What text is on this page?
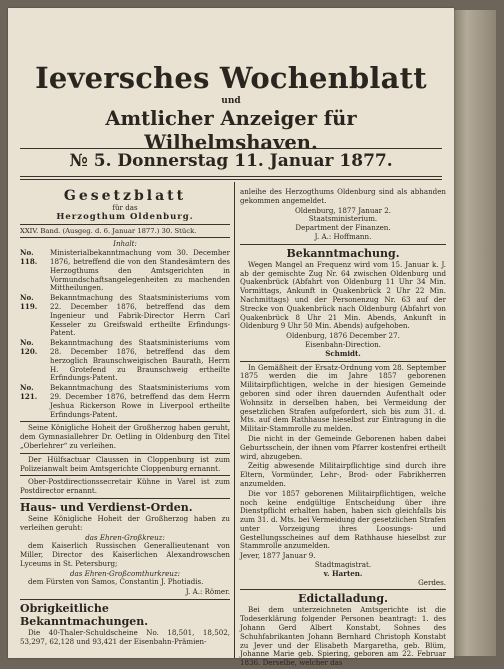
Ieversches Wochenblatt
und
Amtlicher Anzeiger für Wilhelmshaven.
№ 5. Donnerstag 11. Januar 1877.
Gesetzblatt
für das
Herzogthum Oldenburg.
XXIV. Band. (Ausgeg. d. 6. Januar 1877.) 30. Stück.
Inhalt:
No. 118.
Ministerialbekanntmachung vom 30. December 1876, betreffend die von den Standesämtern des Herzogthums den Amtsgerichten in Vormundschaftsangelegenheiten zu machenden Mittheilungen.
No. 119.
Bekanntmachung des Staatsministeriums vom 22. December 1876, betreffend das dem Ingenieur und Fabrik-Director Herrn Carl Kesseler zu Greifswald ertheilte Erfindungs-Patent.
No. 120.
Bekanntmachung des Staatsministeriums vom 28. December 1876, betreffend das dem herzoglich Braunschweigischen Baurath, Herrn H. Grotefend zu Braunschweig ertheilte Erfindungs-Patent.
No. 121.
Bekanntmachung des Staatsministeriums vom 29. December 1876, betreffend das dem Herrn Jeshua Rickerson Rowe in Liverpool ertheilte Erfindungs-Patent.

Seine Königliche Hoheit der Großherzog haben geruht, dem Gymnasiallehrer Dr. Oetling in Oldenburg den Titel „Oberlehrer“ zu verleihen.

Der Hülfsactuar Claussen in Cloppenburg ist zum Polizeianwalt beim Amtsgerichte Cloppenburg ernannt.

Ober-Postdirectionssecretair Kühne in Varel ist zum Postdirector ernannt.

Haus- und Verdienst-Orden.

Seine Königliche Hoheit der Großherzog haben zu verleihen geruht:

das Ehren-Großkreuz:

dem Kaiserlich Russischen Generallieutenant von Miller, Director des Kaiserlichen Alexandrowschen Lyceums in St. Petersburg;

das Ehren-Großcomthurkreuz:

dem Fürsten von Samos, Constantin J. Photiadis.

J. A.: Römer.
Obrigkeitliche Bekanntmachungen.

Die 40-Thaler-Schuldscheine No. 18,501, 18,502, 53,297, 62,128 und 93,421 der Eisenbahn-Prämien-

anleihe des Herzogthums Oldenburg sind als abhanden gekommen angemeldet.

Oldenburg, 1877 Januar 2.
Staatsministerium.
Department der Finanzen.
J. A.: Hoffmann.
Bekanntmachung.

Wegen Mangel an Frequenz wird vom 15. Januar k. J. ab der gemischte Zug Nr. 64 zwischen Oldenburg und Quakenbrück (Abfahrt von Oldenburg 11 Uhr 34 Min. Vormittags, Ankunft in Quakenbrück 2 Uhr 22 Min. Nachmittags) und der Personenzug Nr. 63 auf der Strecke von Quakenbrück nach Oldenburg (Abfahrt von Quakenbrück 8 Uhr 21 Min. Abends, Ankunft in Oldenburg 9 Uhr 50 Min. Abends) aufgehoben.

Oldenburg, 1876 December 27.
Eisenbahn-Direction.
Schmidt.

In Gemäßheit der Ersatz-Ordnung vom 28. September 1875 werden die im Jahre 1857 geborenen Militairpflichtigen, welche in der hiesigen Gemeinde geboren sind oder ihren dauernden Aufenthalt oder Wohnsitz in derselben haben, bei Vermeidung der gesetzlichen Strafen aufgefordert, sich bis zum 31. d. Mts. auf dem Rathhause hieselbst zur Eintragung in die Militair-Stammrolle zu melden.

Die nicht in der Gemeinde Geborenen haben dabei Geburtsschein, der ihnen vom Pfarrer kostenfrei ertheilt wird, abzugeben.

Zeitig abwesende Militairpflichtige sind durch ihre Eltern, Vormünder, Lehr-, Brod- oder Fabrikherren anzumelden.

Die vor 1857 geborenen Militairpflichtigen, welche noch keine endgültige Entscheidung über ihre Dienstpflicht erhalten haben, haben sich gleichfalls bis zum 31. d. Mts. bei Vermeidung der gesetzlichen Strafen unter Vorzeigung ihres Loosungs- und Gestellungsscheines auf dem Rathhause hieselbst zur Stammrolle anzumelden.

Jever, 1877 Januar 9.
Stadtmagistrat.
v. Harten.
Gerdes.
Edictalladung.

Bei dem unterzeichneten Amtsgerichte ist die Todeserklärung folgender Personen beantragt: 1. des Johann Gerd Albert Konstabt, Sohnes des Schuhfabrikanten Johann Bernhard Christoph Konstabt zu Jever und der Elisabeth Margaretha, geb. Blüm, Johanne Marie geb. Spiering, geboren am 22. Februar 1836. Derselbe, welcher das
